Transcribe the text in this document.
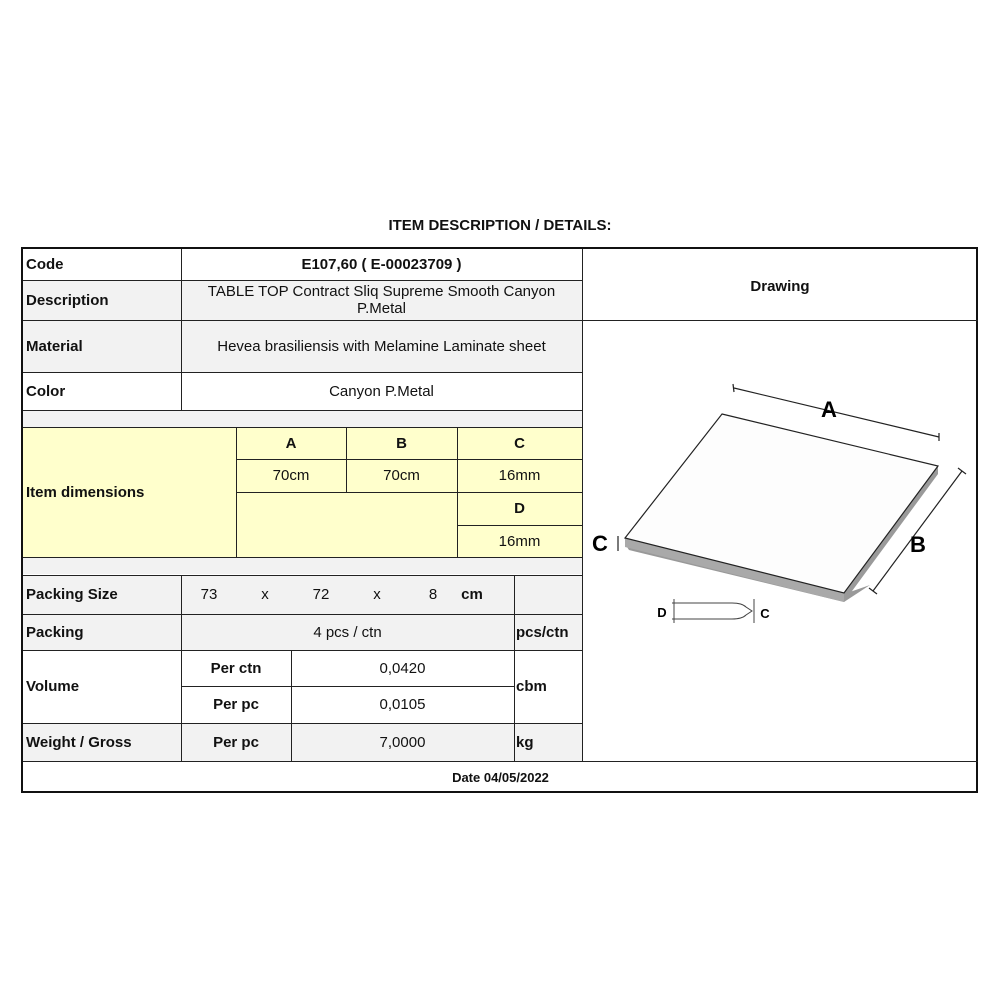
ITEM DESCRIPTION / DETAILS:
Code	E107,60 ( E-00023709 )
Description	TABLE TOP Contract Sliq Supreme Smooth Canyon P.Metal
Material	Hevea brasiliensis with Melamine Laminate sheet
Color	Canyon P.Metal
Item dimensions
A	B	C
70cm	70cm	16mm
D
16mm
Packing Size	73	x	72	x	8	cm
Packing	4 pcs / ctn	pcs/ctn
Volume
Per ctn	0,0420
Per pc	0,0105
cbm
Weight / Gross	Per pc	7,0000	kg
Date 04/05/2022
Drawing
A
B
C
D	C
